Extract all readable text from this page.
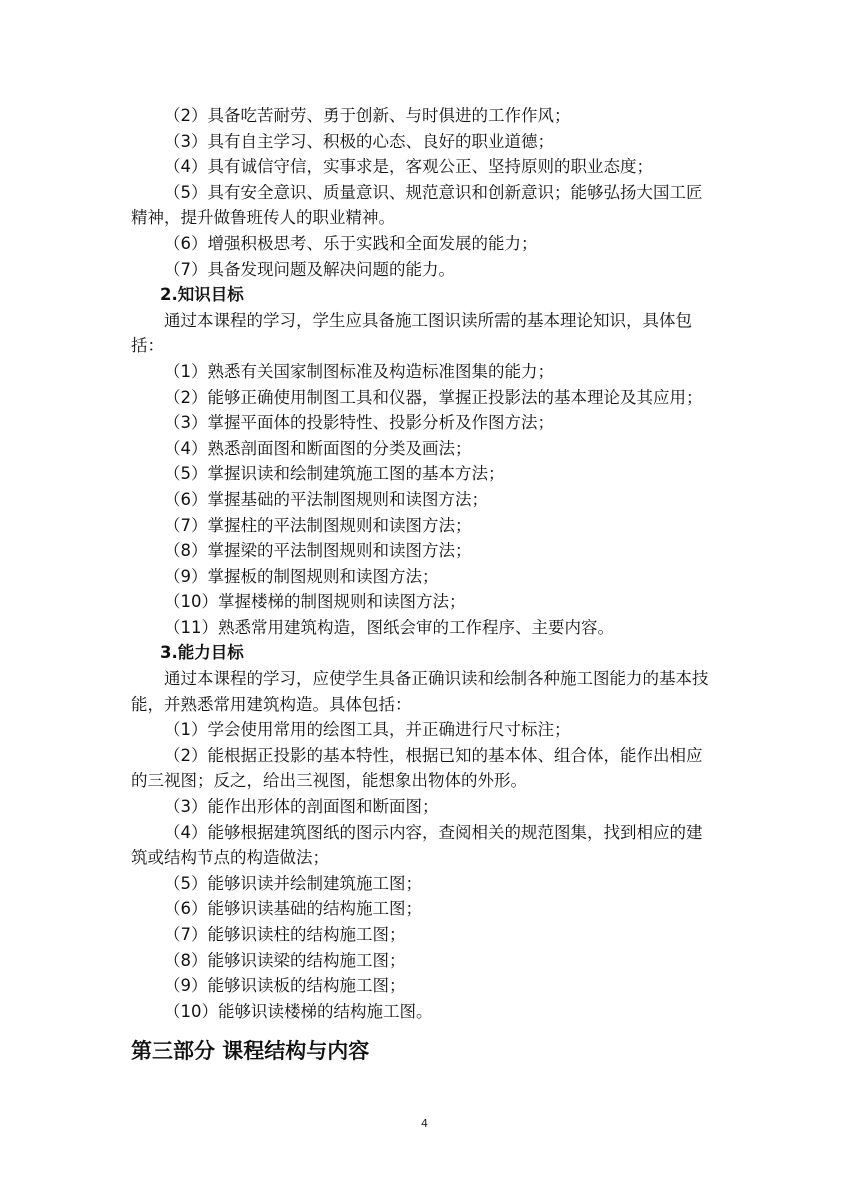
（2）具备吃苦耐劳、勇于创新、与时俱进的工作作风；

（3）具有自主学习、积极的心态、良好的职业道德；

（4）具有诚信守信，实事求是，客观公正、坚持原则的职业态度；

（5）具有安全意识、质量意识、规范意识和创新意识；能够弘扬大国工匠

精神，提升做鲁班传人的职业精神。

（6）增强积极思考、乐于实践和全面发展的能力；

（7）具备发现问题及解决问题的能力。

2.知识目标

通过本课程的学习，学生应具备施工图识读所需的基本理论知识，具体包括：

（1）熟悉有关国家制图标准及构造标准图集的能力；

（2）能够正确使用制图工具和仪器，掌握正投影法的基本理论及其应用；

（3）掌握平面体的投影特性、投影分析及作图方法；

（4）熟悉剖面图和断面图的分类及画法；

（5）掌握识读和绘制建筑施工图的基本方法；

（6）掌握基础的平法制图规则和读图方法；

（7）掌握柱的平法制图规则和读图方法；

（8）掌握梁的平法制图规则和读图方法；

（9）掌握板的制图规则和读图方法；

（10）掌握楼梯的制图规则和读图方法；

（11）熟悉常用建筑构造，图纸会审的工作程序、主要内容。

3.能力目标

通过本课程的学习，应使学生具备正确识读和绘制各种施工图能力的基本技

能，并熟悉常用建筑构造。具体包括：

（1）学会使用常用的绘图工具，并正确进行尺寸标注；

（2）能根据正投影的基本特性，根据已知的基本体、组合体，能作出相应

的三视图；反之，给出三视图，能想象出物体的外形。

（3）能作出形体的剖面图和断面图；

（4）能够根据建筑图纸的图示内容，查阅相关的规范图集，找到相应的建

筑或结构节点的构造做法；

（5）能够识读并绘制建筑施工图；

（6）能够识读基础的结构施工图；

（7）能够识读柱的结构施工图；

（8）能够识读梁的结构施工图；

（9）能够识读板的结构施工图；

（10）能够识读楼梯的结构施工图。

第三部分 课程结构与内容
4
